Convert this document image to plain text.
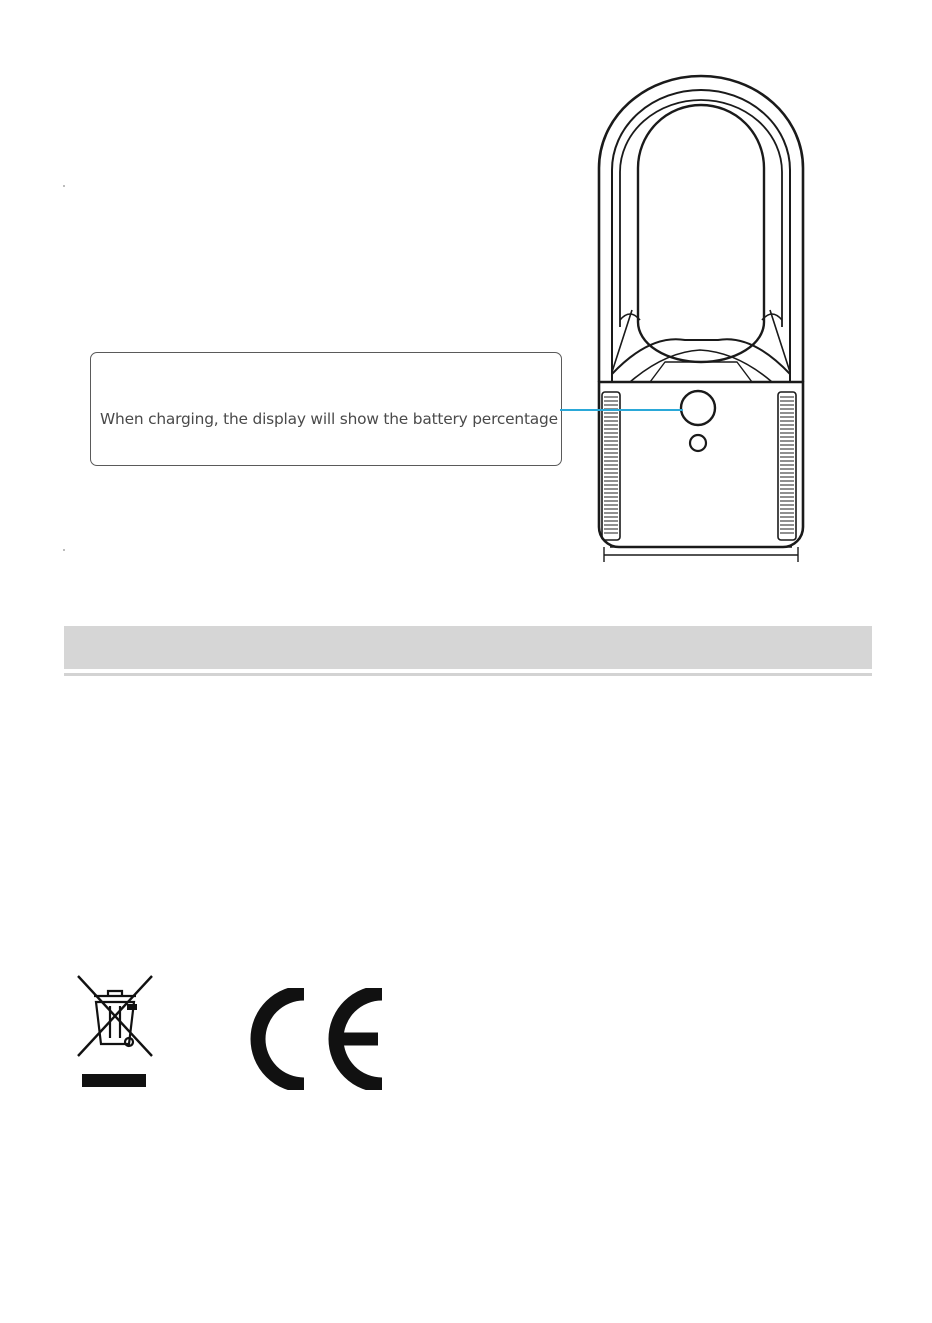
When charging, the display will show the battery percentage
